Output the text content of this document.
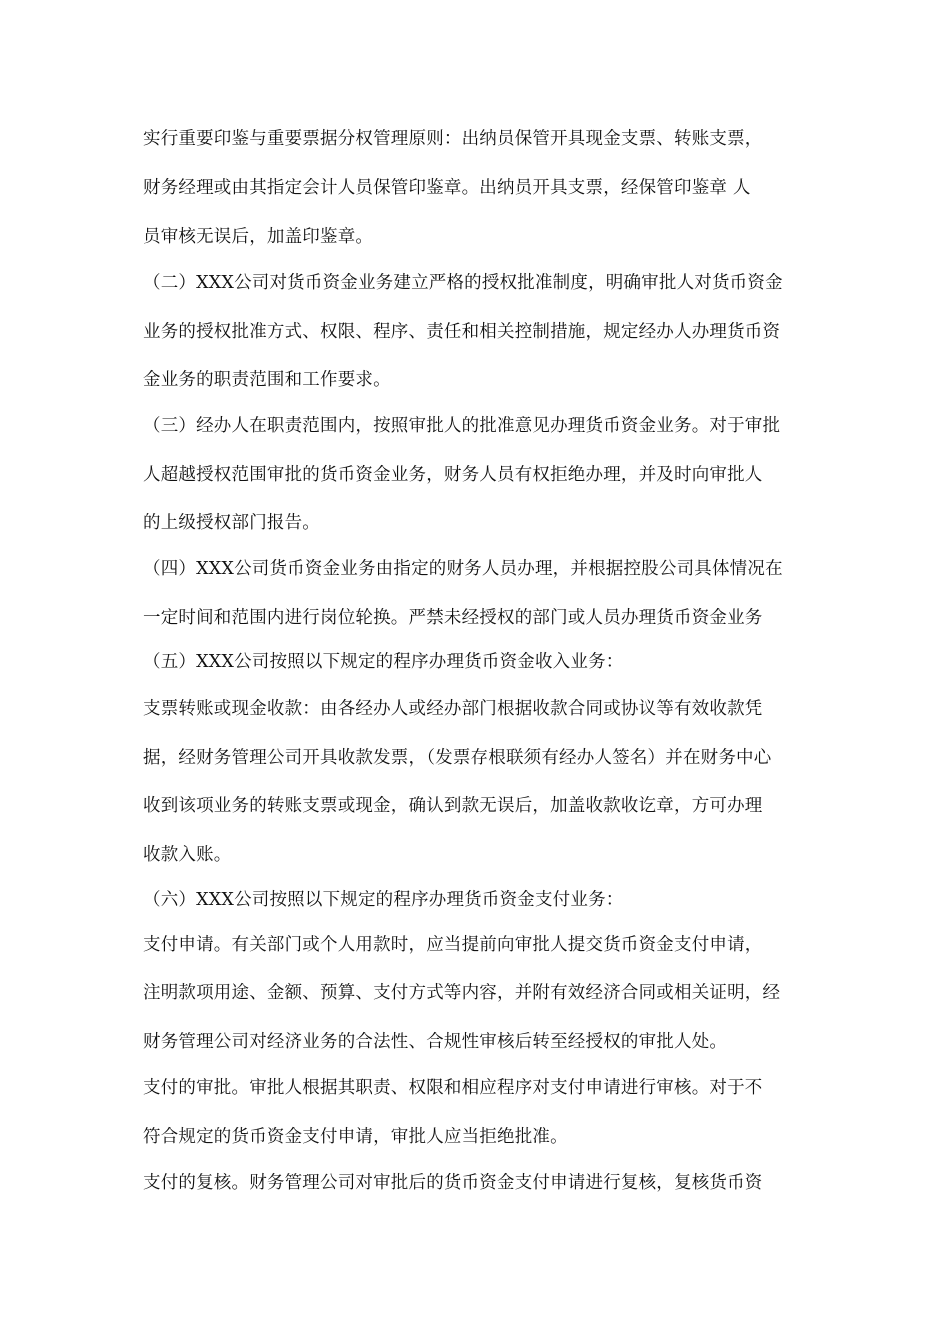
实行重要印鉴与重要票据分权管理原则：出纳员保管开具现金支票、转账支票，
财务经理或由其指定会计人员保管印鉴章。出纳员开具支票，经保管印鉴章 人
员审核无误后，加盖印鉴章。
（二）XXX公司对货币资金业务建立严格的授权批准制度，明确审批人对货币资金
业务的授权批准方式、权限、程序、责任和相关控制措施，规定经办人办理货币资
金业务的职责范围和工作要求。
（三）经办人在职责范围内，按照审批人的批准意见办理货币资金业务。对于审批
人超越授权范围审批的货币资金业务，财务人员有权拒绝办理，并及时向审批人
的上级授权部门报告。
（四）XXX公司货币资金业务由指定的财务人员办理，并根据控股公司具体情况在
一定时间和范围内进行岗位轮换。严禁未经授权的部门或人员办理货币资金业务
（五）XXX公司按照以下规定的程序办理货币资金收入业务：
支票转账或现金收款：由各经办人或经办部门根据收款合同或协议等有效收款凭
据，经财务管理公司开具收款发票，（发票存根联须有经办人签名）并在财务中心
收到该项业务的转账支票或现金，确认到款无误后，加盖收款收讫章，方可办理
收款入账。
（六）XXX公司按照以下规定的程序办理货币资金支付业务：
支付申请。有关部门或个人用款时，应当提前向审批人提交货币资金支付申请，
注明款项用途、金额、预算、支付方式等内容，并附有效经济合同或相关证明，经
财务管理公司对经济业务的合法性、合规性审核后转至经授权的审批人处。
支付的审批。审批人根据其职责、权限和相应程序对支付申请进行审核。对于不
符合规定的货币资金支付申请，审批人应当拒绝批准。
支付的复核。财务管理公司对审批后的货币资金支付申请进行复核，复核货币资
